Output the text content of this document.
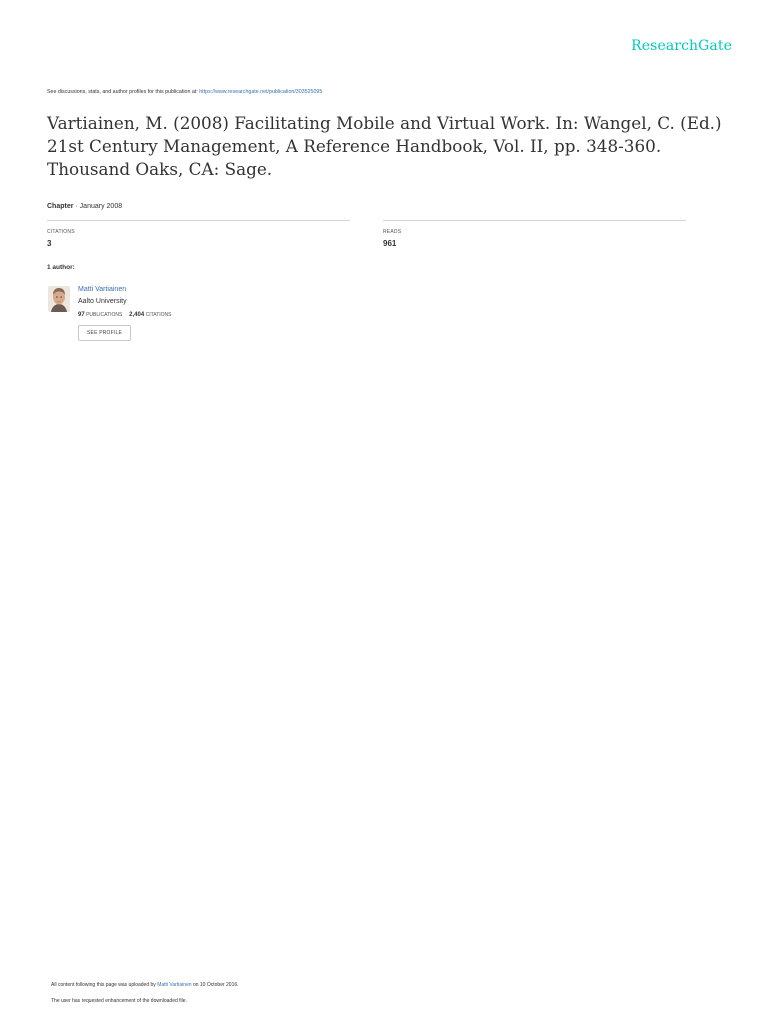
ResearchGate
See discussions, stats, and author profiles for this publication at: https://www.researchgate.net/publication/303525095
Vartiainen, M. (2008) Facilitating Mobile and Virtual Work. In: Wangel, C. (Ed.) 21st Century Management, A Reference Handbook, Vol. II, pp. 348-360. Thousand Oaks, CA: Sage.
Chapter · January 2008
CITATIONS
3
READS
961
1 author:
Matti Vartiainen
Aalto University
97 PUBLICATIONS 2,404 CITATIONS
SEE PROFILE
All content following this page was uploaded by Matti Vartiainen on 10 October 2016.
The user has requested enhancement of the downloaded file.
